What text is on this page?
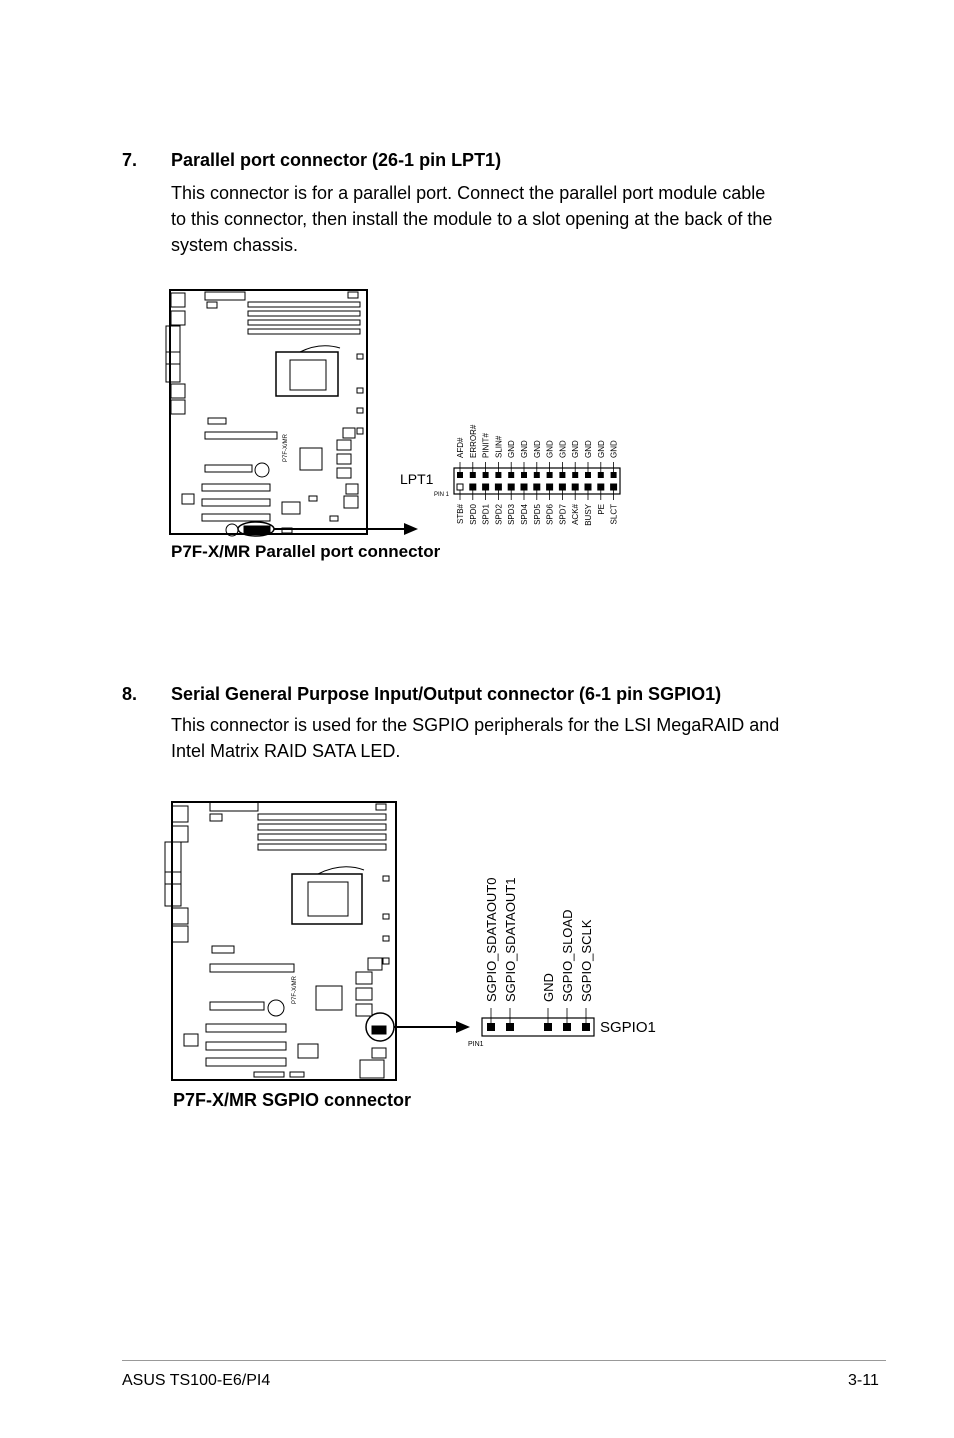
7. Parallel port connector (26-1 pin LPT1)
This connector is for a parallel port. Connect the parallel port module cable
to this connector, then install the module to a slot opening at the back of the
system chassis.
P7F-X/MR
LPT1
PIN 1
AFD# ERROR# PINIT# SLIN# GND GND GND GND GND GND GND GND GND
STB# SPD0 SPD1 SPD2 SPD3 SPD4 SPD5 SPD6 SPD7 ACK# BUSY PE SLCT
P7F-X/MR Parallel port connector
8. Serial General Purpose Input/Output connector (6-1 pin SGPIO1)
This connector is used for the SGPIO peripherals for the LSI MegaRAID and
Intel Matrix RAID SATA LED.
P7F-X/MR	SGPIO_SDATAOUT0 SGPIO_SDATAOUT1 GND SGPIO_SLOAD SGPIO_SCLK
PIN1
SGPIO1
P7F-X/MR SGPIO connector
ASUS TS100-E6/PI4	3-11
